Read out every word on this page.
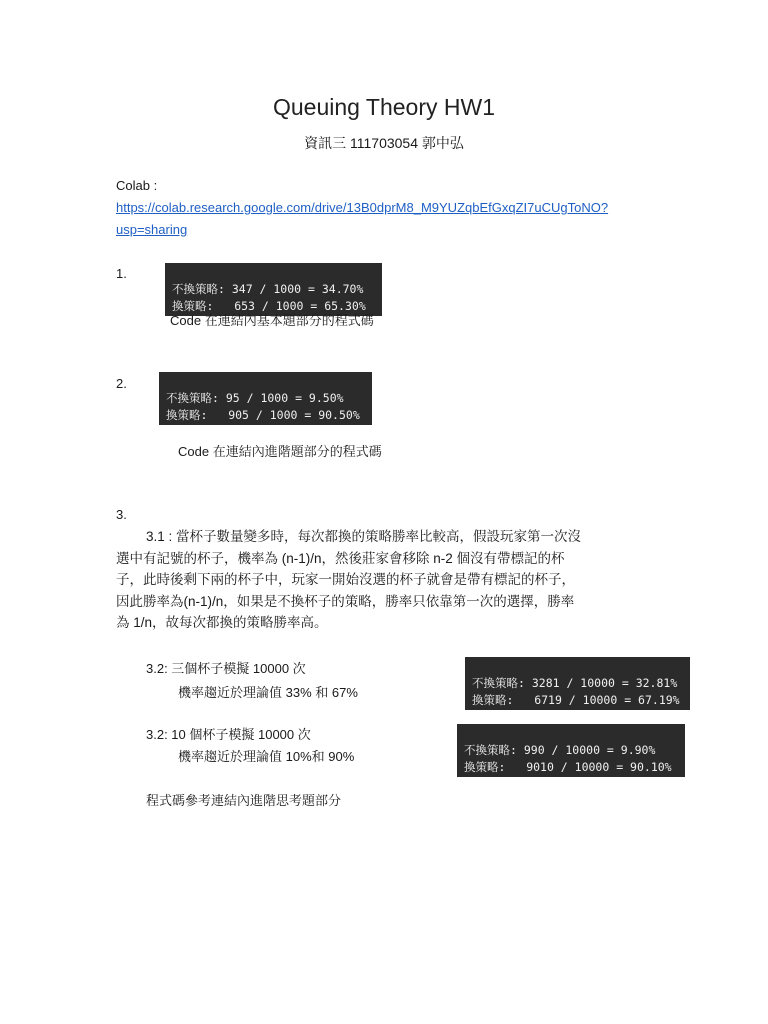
Queuing Theory HW1
資訊三 111703054 郭中弘
Colab :
https://colab.research.google.com/drive/13B0dprM8_M9YUZqbEfGxqZI7uCUgToNO?
usp=sharing
1.

不換策略: 347 / 1000 = 34.70%
換策略:   653 / 1000 = 65.30%
Code 在連結內基本題部分的程式碼
2.

不換策略: 95 / 1000 = 9.50%
換策略:   905 / 1000 = 90.50%
Code 在連結內進階題部分的程式碼
3.
3.1 : 當杯子數量變多時，每次都換的策略勝率比較高，假設玩家第一次沒
選中有記號的杯子，機率為 (n-1)/n，然後莊家會移除 n-2 個沒有帶標記的杯
子，此時後剩下兩的杯子中，玩家一開始沒選的杯子就會是帶有標記的杯子，
因此勝率為(n-1)/n，如果是不換杯子的策略，勝率只依靠第一次的選擇，勝率
為 1/n，故每次都換的策略勝率高。
3.2: 三個杯子模擬 10000 次
機率趨近於理論值 33% 和 67%

不換策略: 3281 / 10000 = 32.81%
換策略:   6719 / 10000 = 67.19%
3.2: 10 個杯子模擬 10000 次
機率趨近於理論值 10%和 90%	不換策略: 990 / 10000 = 9.90%
換策略:   9010 / 10000 = 90.10%
程式碼參考連結內進階思考題部分
